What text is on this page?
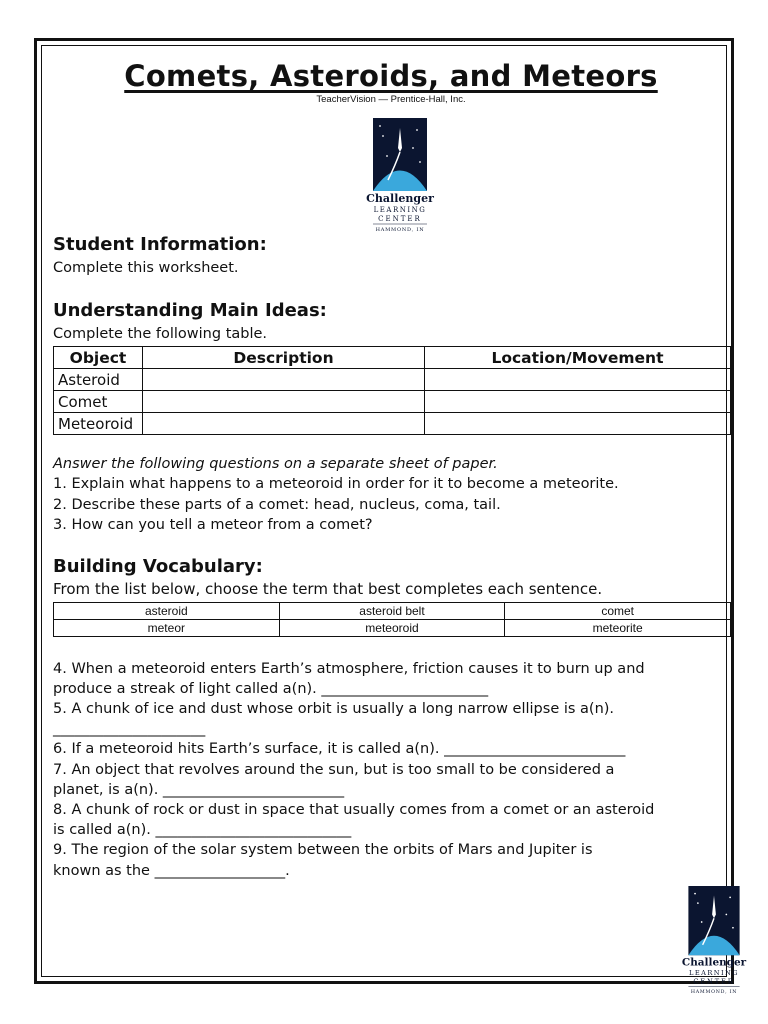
Comets, Asteroids, and Meteors
TeacherVision — Prentice-Hall, Inc.
Challenger
LEARNING
CENTER
HAMMOND, IN
Student Information:
Complete this worksheet.
Understanding Main Ideas:
Complete the following table.
Object	Description	Location/Movement
Asteroid		
Comet		
Meteoroid		
Answer the following questions on a separate sheet of paper.
1. Explain what happens to a meteoroid in order for it to become a meteorite.
2. Describe these parts of a comet: head, nucleus, coma, tail.
3. How can you tell a meteor from a comet?
Building Vocabulary:
From the list below, choose the term that best completes each sentence.
asteroid	asteroid belt	comet
meteor	meteoroid	meteorite
4. When a meteoroid enters Earth’s atmosphere, friction causes it to burn up and
produce a streak of light called a(n). _______________________
5. A chunk of ice and dust whose orbit is usually a long narrow ellipse is a(n).
_____________________
6. If a meteoroid hits Earth’s surface, it is called a(n). _________________________
7. An object that revolves around the sun, but is too small to be considered a
planet, is a(n). _________________________
8. A chunk of rock or dust in space that usually comes from a comet or an asteroid
is called a(n). ___________________________
9. The region of the solar system between the orbits of Mars and Jupiter is
known as the __________________.
Challenger
LEARNING
CENTER
HAMMOND, IN
